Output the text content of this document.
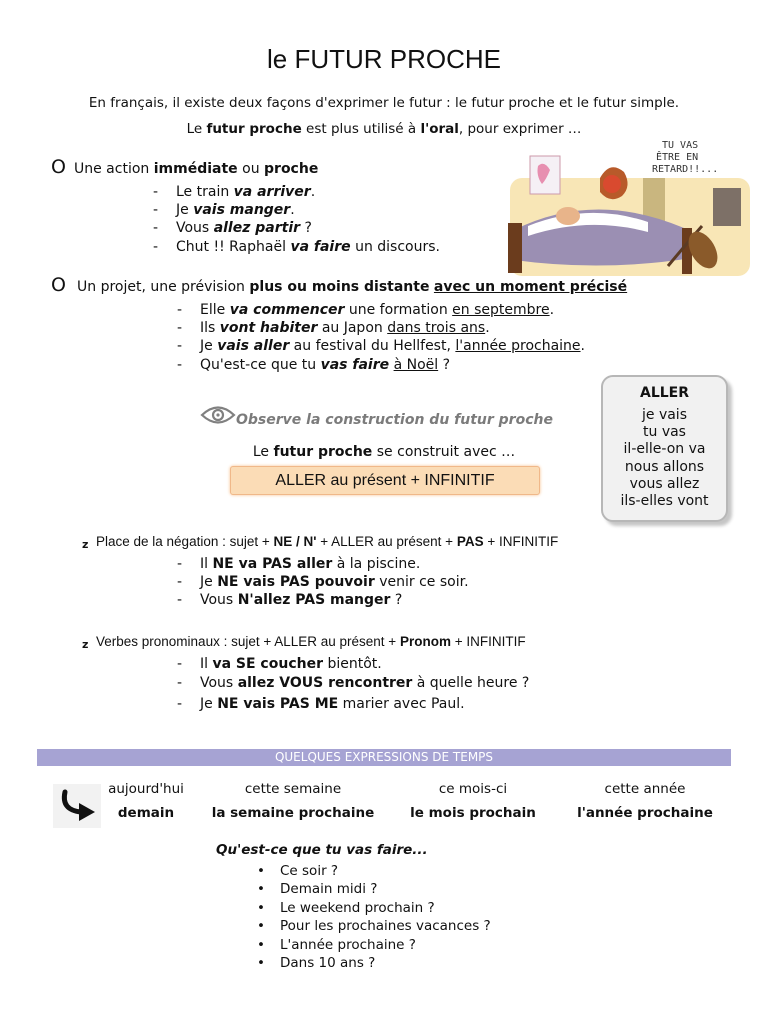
le FUTUR PROCHE
En français, il existe deux façons d'exprimer le futur : le futur proche et le futur simple.
Le futur proche est plus utilisé à l'oral, pour exprimer …
O Une action immédiate ou proche
- Le train va arriver.
- Je vais manger.
- Vous allez partir ?
- Chut !! Raphaël va faire un discours.
TU VAS
ÊTRE EN
RETARD!!...
O Un projet, une prévision plus ou moins distante avec un moment précisé
- Elle va commencer une formation en septembre.
- Ils vont habiter au Japon dans trois ans.
- Je vais aller au festival du Hellfest, l'année prochaine.
- Qu'est-ce que tu vas faire à Noël ?
ALLER
je vais
tu vas
il-elle-on va
nous allons
vous allez
ils-elles vont
Observe la construction du futur proche
Le futur proche se construit avec …
ALLER au présent + INFINITIF
z Place de la négation : sujet + NE / N' + ALLER au présent + PAS + INFINITIF
- Il NE va PAS aller à la piscine.
- Je NE vais PAS pouvoir venir ce soir.
- Vous N'allez PAS manger ?
z Verbes pronominaux : sujet + ALLER au présent + Pronom + INFINITIF
- Il va SE coucher bientôt.
- Vous allez VOUS rencontrer à quelle heure ?
- Je NE vais PAS ME marier avec Paul.
QUELQUES EXPRESSIONS DE TEMPS
aujourd'hui	cette semaine	ce mois-ci	cette année
demain	la semaine prochaine	le mois prochain	l'année prochaine
Qu'est-ce que tu vas faire...
• Ce soir ?
• Demain midi ?
• Le weekend prochain ?
• Pour les prochaines vacances ?
• L'année prochaine ?
• Dans 10 ans ?
